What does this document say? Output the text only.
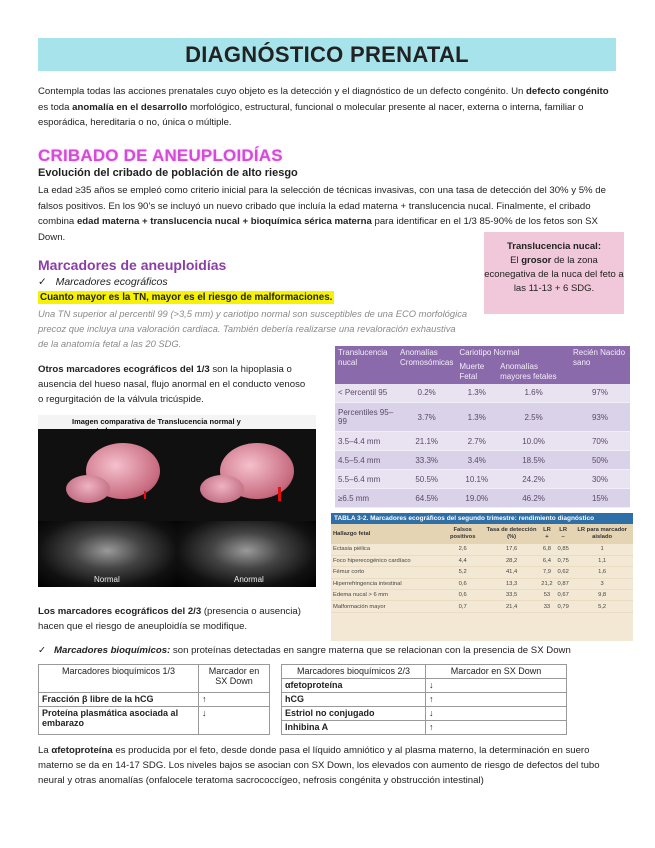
DIAGNÓSTICO PRENATAL

Contempla todas las acciones prenatales cuyo objeto es la detección y el diagnóstico de un defecto congénito. Un defecto congénito es toda anomalía en el desarrollo morfológico, estructural, funcional o molecular presente al nacer, externa o interna, familiar o esporádica, hereditaria o no, única o múltiple.

CRIBADO DE ANEUPLOIDÍAS
Evolución del cribado de población de alto riesgo

La edad ≥35 años se empleó como criterio inicial para la selección de técnicas invasivas, con una tasa de detección del 30% y 5% de falsos positivos. En los 90’s se incluyó un nuevo cribado que incluía la edad materna + translucencia nucal. Finalmente, el cribado combina edad materna + translucencia nucal + bioquímica sérica materna para identificar en el 1/3 85-90% de los fetos son SX Down.

Translucencia nucal:
El grosor de la zona econegativa de la nuca del feto a las 11-13 + 6 SDG.
Marcadores de aneuploidías
✓ Marcadores ecográficos
Cuanto mayor es la TN, mayor es el riesgo de malformaciones.

Una TN superior al percentil 99 (>3,5 mm) y cariotipo normal son susceptibles de una ECO morfológica precoz que incluya una valoración cardiaca. También debería realizarse una revaloración exhaustiva de la anatomía fetal a las 20 SDG.

Otros marcadores ecográficos del 1/3 son la hipoplasia o ausencia del hueso nasal, flujo anormal en el conducto venoso o regurgitación de la válvula tricúspide.

Imagen comparativa de Translucencia normal y
Normal	Anormal

Los marcadores ecográficos del 2/3 (presencia o ausencia) hacen que el riesgo de aneuploidía se modifique.

Translucencia nucal	Anomalías Cromosómicas	Cariotipo Normal		Recién Nacido sano
		Muerte Fetal	Anomalías mayores fetales	
< Percentil 95	0.2%	1.3%	1.6%	97%
Percentiles 95–99	3.7%	1.3%	2.5%	93%
3.5–4.4 mm	21.1%	2.7%	10.0%	70%
4.5–5.4 mm	33.3%	3.4%	18.5%	50%
5.5–6.4 mm	50.5%	10.1%	24.2%	30%
≥6.5 mm	64.5%	19.0%	46.2%	15%
TABLA 3-2. Marcadores ecográficos del segundo trimestre: rendimiento diagnóstico
Hallazgo fetal	Falsos positivos	Tasa de detección (%)	LR +	LR –	LR para marcador aislado
Ectasia piélica	2,6	17,6	6,8	0,85	1
Foco hiperecogénico cardíaco	4,4	28,2	6,4	0,75	1,1
Fémur corto	5,2	41,4	7,9	0,62	1,6
Hiperrefringencia intestinal	0,6	13,3	21,2	0,87	3
Edema nucal > 6 mm	0,6	33,5	53	0,67	9,8
Malformación mayor	0,7	21,4	33	0,79	5,2
✓ Marcadores bioquímicos: son proteínas detectadas en sangre materna que se relacionan con la presencia de SX Down
Marcadores bioquímicos 1/3	Marcador en SX Down
Fracción β libre de la hCG	↑
Proteína plasmática asociada al embarazo	↓
Marcadores bioquímicos 2/3	Marcador en SX Down
αfetoproteína	↓
hCG	↑
Estriol no conjugado	↓
Inhibina A	↑

La αfetoproteína es producida por el feto, desde donde pasa el líquido amniótico y al plasma materno, la determinación en suero materno se da en 14-17 SDG. Los niveles bajos se asocian con SX Down, los elevados con aumento de riesgo de defectos del tubo neural y otras anomalías (onfalocele teratoma sacrococcígeo, nefrosis congénita y obstrucción intestinal)
